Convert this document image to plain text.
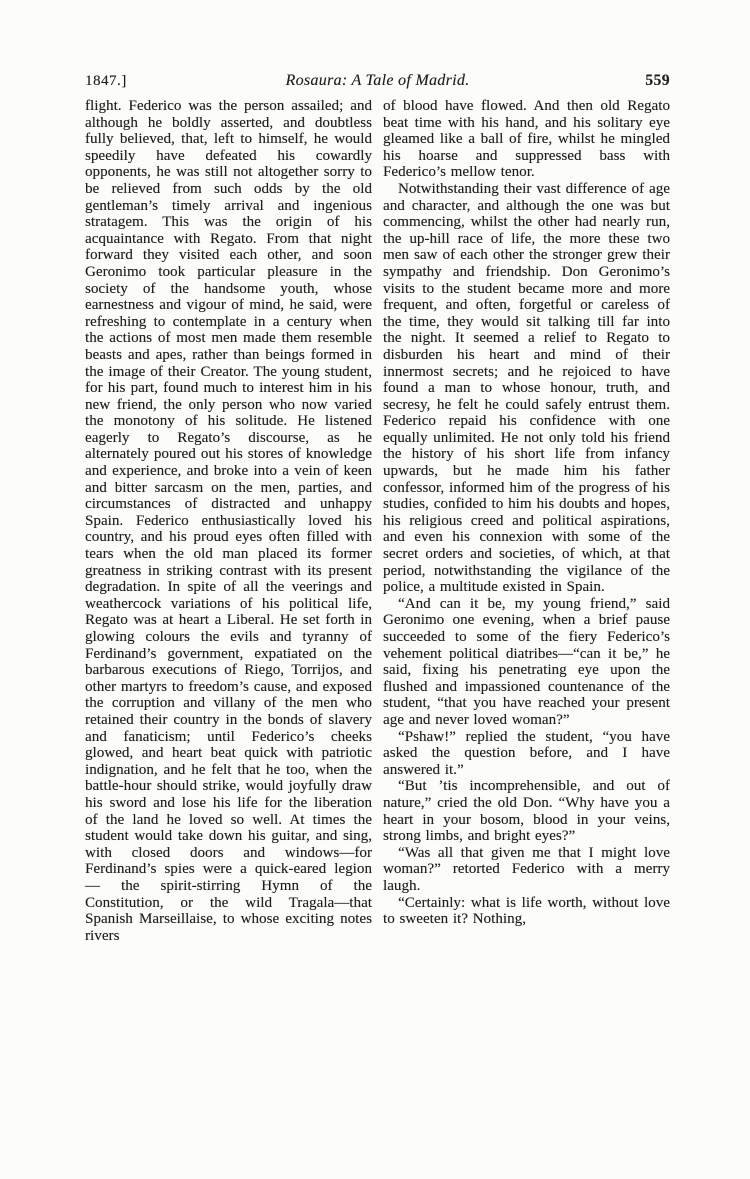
1847.]	Rosaura: A Tale of Madrid.	559

flight. Federico was the person assailed; and although he boldly asserted, and doubtless fully believed, that, left to himself, he would speedily have defeated his cowardly opponents, he was still not altogether sorry to be relieved from such odds by the old gentleman’s timely arrival and ingenious stratagem. This was the origin of his acquaintance with Regato. From that night forward they visited each other, and soon Geronimo took particular pleasure in the society of the handsome youth, whose earnestness and vigour of mind, he said, were refreshing to contemplate in a century when the actions of most men made them resemble beasts and apes, rather than beings formed in the image of their Creator. The young student, for his part, found much to interest him in his new friend, the only person who now varied the monotony of his solitude. He listened eagerly to Regato’s discourse, as he alternately poured out his stores of knowledge and experience, and broke into a vein of keen and bitter sarcasm on the men, parties, and circumstances of distracted and unhappy Spain. Federico enthusiastically loved his country, and his proud eyes often filled with tears when the old man placed its former greatness in striking contrast with its present degradation. In spite of all the veerings and weathercock variations of his political life, Regato was at heart a Liberal. He set forth in glowing colours the evils and tyranny of Ferdinand’s government, expatiated on the barbarous executions of Riego, Torrijos, and other martyrs to freedom’s cause, and exposed the corruption and villany of the men who retained their country in the bonds of slavery and fanaticism; until Federico’s cheeks glowed, and heart beat quick with patriotic indignation, and he felt that he too, when the battle-hour should strike, would joyfully draw his sword and lose his life for the liberation of the land he loved so well. At times the student would take down his guitar, and sing, with closed doors and windows—for Ferdinand’s spies were a quick-eared legion — the spirit-stirring Hymn of the Constitution, or the wild Tragala—that Spanish Marseillaise, to whose exciting notes rivers

of blood have flowed. And then old Regato beat time with his hand, and his solitary eye gleamed like a ball of fire, whilst he mingled his hoarse and suppressed bass with Federico’s mellow tenor.

Notwithstanding their vast difference of age and character, and although the one was but commencing, whilst the other had nearly run, the up-hill race of life, the more these two men saw of each other the stronger grew their sympathy and friendship. Don Geronimo’s visits to the student became more and more frequent, and often, forgetful or careless of the time, they would sit talking till far into the night. It seemed a relief to Regato to disburden his heart and mind of their innermost secrets; and he rejoiced to have found a man to whose honour, truth, and secresy, he felt he could safely entrust them. Federico repaid his confidence with one equally unlimited. He not only told his friend the history of his short life from infancy upwards, but he made him his father confessor, informed him of the progress of his studies, confided to him his doubts and hopes, his religious creed and political aspirations, and even his connexion with some of the secret orders and societies, of which, at that period, notwithstanding the vigilance of the police, a multitude existed in Spain.

“And can it be, my young friend,” said Geronimo one evening, when a brief pause succeeded to some of the fiery Federico’s vehement political diatribes—“can it be,” he said, fixing his penetrating eye upon the flushed and impassioned countenance of the student, “that you have reached your present age and never loved woman?”

“Pshaw!” replied the student, “you have asked the question before, and I have answered it.”

“But ’tis incomprehensible, and out of nature,” cried the old Don. “Why have you a heart in your bosom, blood in your veins, strong limbs, and bright eyes?”

“Was all that given me that I might love woman?” retorted Federico with a merry laugh.

“Certainly: what is life worth, without love to sweeten it? Nothing,
